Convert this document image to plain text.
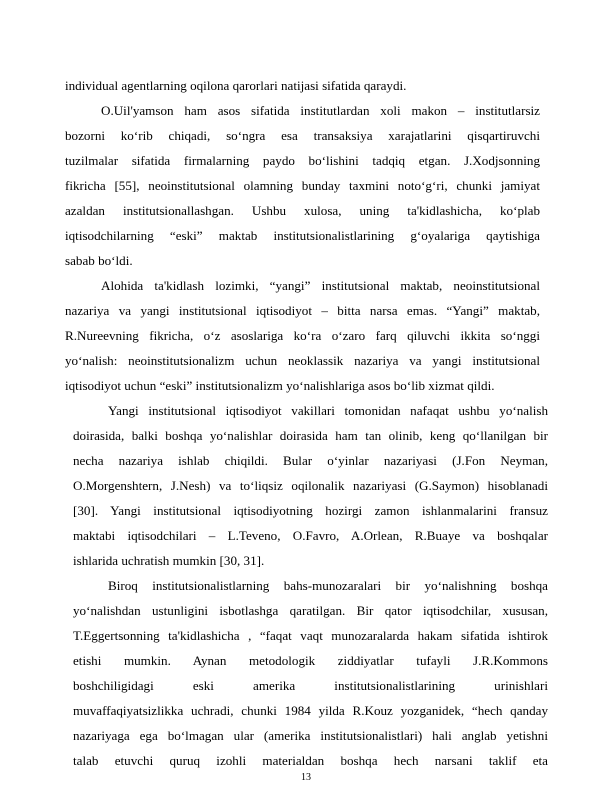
individual agentlarning oqilona qarorlari natijasi sifatida qaraydi.
O.Uil'yamson ham asos sifatida institutlardan xoli makon – institutlarsiz
bozorni ko‘rib chiqadi, so‘ngra esa transaksiya xarajatlarini qisqartiruvchi
tuzilmalar sifatida firmalarning paydo bo‘lishini tadqiq etgan. J.Xodjsonning
fikricha [55], neoinstitutsional olamning bunday taxmini noto‘g‘ri, chunki jamiyat
azaldan institutsionallashgan. Ushbu xulosa, uning ta'kidlashicha, ko‘plab
iqtisodchilarning “eski” maktab institutsionalistlarining g‘oyalariga qaytishiga
sabab bo‘ldi.
Alohida ta'kidlash lozimki, “yangi” institutsional maktab, neoinstitutsional
nazariya va yangi institutsional iqtisodiyot – bitta narsa emas. “Yangi” maktab,
R.Nureevning fikricha, o‘z asoslariga ko‘ra o‘zaro farq qiluvchi ikkita so‘nggi
yo‘nalish: neoinstitutsionalizm uchun neoklassik nazariya va yangi institutsional
iqtisodiyot uchun “eski” institutsionalizm yo‘nalishlariga asos bo‘lib xizmat qildi.
Yangi institutsional iqtisodiyot vakillari tomonidan nafaqat ushbu yo‘nalish
doirasida, balki boshqa yo‘nalishlar doirasida ham tan olinib, keng qo‘llanilgan bir
necha nazariya ishlab chiqildi. Bular o‘yinlar nazariyasi (J.Fon Neyman,
O.Morgenshtern, J.Nesh) va to‘liqsiz oqilonalik nazariyasi (G.Saymon) hisoblanadi
[30]. Yangi institutsional iqtisodiyotning hozirgi zamon ishlanmalarini fransuz
maktabi iqtisodchilari – L.Teveno, O.Favro, A.Orlean, R.Buaye va boshqalar
ishlarida uchratish mumkin [30, 31].
Biroq institutsionalistlarning bahs-munozaralari bir yo‘nalishning boshqa
yo‘nalishdan ustunligini isbotlashga qaratilgan. Bir qator iqtisodchilar, xususan,
T.Eggertsonning ta'kidlashicha , “faqat vaqt munozaralarda hakam sifatida ishtirok
etishi mumkin. Aynan metodologik ziddiyatlar tufayli J.R.Kommons
boshchiligidagi eski amerika institutsionalistlarining urinishlari
muvaffaqiyatsizlikka uchradi, chunki 1984 yilda R.Kouz yozganidek, “hech qanday
nazariyaga ega bo‘lmagan ular (amerika institutsionalistlari) hali anglab yetishni
talab etuvchi quruq izohli materialdan boshqa hech narsani taklif eta
13
